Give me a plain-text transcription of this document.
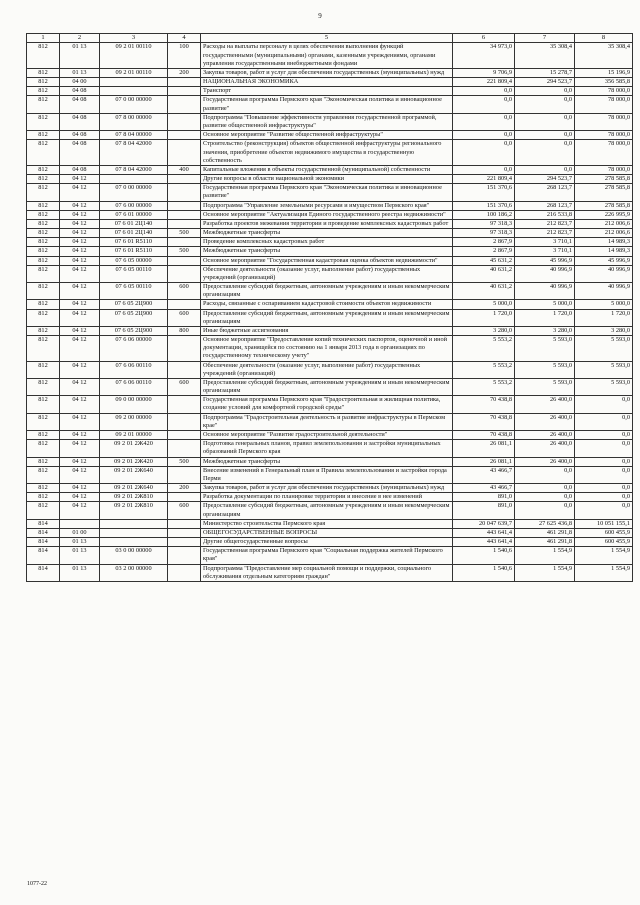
9
1	2	3	4	5	6	7	8
812	01 13	09 2 01 00110	100	Расходы на выплаты персоналу в целях обеспечения выполнения функций государственными (муниципальными) органами, казенными учреждениями, органами управления государственными внебюджетными фондами	34 973,0	35 308,4	35 308,4
812	01 13	09 2 01 00110	200	Закупка товаров, работ и услуг для обеспечения государственных (муниципальных) нужд	9 706,9	15 278,7	15 196,9
812	04 00			НАЦИОНАЛЬНАЯ ЭКОНОМИКА	221 809,4	294 523,7	356 585,8
812	04 08			Транспорт	0,0	0,0	78 000,0
812	04 08	07 0 00 00000		Государственная программа Пермского края "Экономическая политика и инновационное развитие"	0,0	0,0	78 000,0
812	04 08	07 8 00 00000		Подпрограмма "Повышение эффективности управления государственной программой, развитие общественной инфраструктуры"	0,0	0,0	78 000,0
812	04 08	07 8 04 00000		Основное мероприятие "Развитие общественной инфраструктуры"	0,0	0,0	78 000,0
812	04 08	07 8 04 42000		Строительство (реконструкция) объектов общественной инфраструктуры регионального значения, приобретение объектов недвижимого имущества в государственную собственность	0,0	0,0	78 000,0
812	04 08	07 8 04 42000	400	Капитальные вложения в объекты государственной (муниципальной) собственности	0,0	0,0	78 000,0
812	04 12			Другие вопросы в области национальной экономики	221 809,4	294 523,7	278 585,8
812	04 12	07 0 00 00000		Государственная программа Пермского края "Экономическая политика и инновационное развитие"	151 370,6	268 123,7	278 585,8
812	04 12	07 6 00 00000		Подпрограмма "Управление земельными ресурсами и имуществом Пермского края"	151 370,6	268 123,7	278 585,8
812	04 12	07 6 01 00000		Основное мероприятие "Актуализация Единого государственного реестра недвижимости"	100 186,2	216 533,8	226 995,9
812	04 12	07 6 01 2Ц140		Разработка проектов межевания территории и проведение комплексных кадастровых работ	97 318,3	212 823,7	212 006,6
812	04 12	07 6 01 2Ц140	500	Межбюджетные трансферты	97 318,3	212 823,7	212 006,6
812	04 12	07 6 01 R5110		Проведение комплексных кадастровых работ	2 867,9	3 710,1	14 989,3
812	04 12	07 6 01 R5110	500	Межбюджетные трансферты	2 867,9	3 710,1	14 989,3
812	04 12	07 6 05 00000		Основное мероприятие "Государственная кадастровая оценка объектов недвижимости"	45 631,2	45 996,9	45 996,9
812	04 12	07 6 05 00110		Обеспечение деятельности (оказание услуг, выполнение работ) государственных учреждений (организаций)	40 631,2	40 996,9	40 996,9
812	04 12	07 6 05 00110	600	Предоставление субсидий бюджетным, автономным учреждениям и иным некоммерческим организациям	40 631,2	40 996,9	40 996,9
812	04 12	07 6 05 2Ц900		Расходы, связанные с оспариванием кадастровой стоимости объектов недвижимости	5 000,0	5 000,0	5 000,0
812	04 12	07 6 05 2Ц900	600	Предоставление субсидий бюджетным, автономным учреждениям и иным некоммерческим организациям	1 720,0	1 720,0	1 720,0
812	04 12	07 6 05 2Ц900	800	Иные бюджетные ассигнования	3 280,0	3 280,0	3 280,0
812	04 12	07 6 06 00000		Основное мероприятие "Предоставление копий технических паспортов, оценочной и иной документации, хранящейся по состоянию на 1 января 2013 года в организациях по государственному техническому учету"	5 553,2	5 593,0	5 593,0
812	04 12	07 6 06 00110		Обеспечение деятельности (оказание услуг, выполнение работ) государственных учреждений (организаций)	5 553,2	5 593,0	5 593,0
812	04 12	07 6 06 00110	600	Предоставление субсидий бюджетным, автономным учреждениям и иным некоммерческим организациям	5 553,2	5 593,0	5 593,0
812	04 12	09 0 00 00000		Государственная программа Пермского края "Градостроительная и жилищная политика, создание условий для комфортной городской среды"	70 438,8	26 400,0	0,0
812	04 12	09 2 00 00000		Подпрограмма "Градостроительная деятельность и развитие инфраструктуры в Пермском крае"	70 438,8	26 400,0	0,0
812	04 12	09 2 01 00000		Основное мероприятие "Развитие градостроительной деятельности"	70 438,8	26 400,0	0,0
812	04 12	09 2 01 2Ж420		Подготовка генеральных планов, правил землепользования и застройки муниципальных образований Пермского края	26 081,1	26 400,0	0,0
812	04 12	09 2 01 2Ж420	500	Межбюджетные трансферты	26 081,1	26 400,0	0,0
812	04 12	09 2 01 2Ж640		Внесение изменений в Генеральный план и Правила землепользования и застройки города Перми	43 466,7	0,0	0,0
812	04 12	09 2 01 2Ж640	200	Закупка товаров, работ и услуг для обеспечения государственных (муниципальных) нужд	43 466,7	0,0	0,0
812	04 12	09 2 01 2Ж810		Разработка документации по планировке территории и внесение в нее изменений	891,0	0,0	0,0
812	04 12	09 2 01 2Ж810	600	Предоставление субсидий бюджетным, автономным учреждениям и иным некоммерческим организациям	891,0	0,0	0,0
814				Министерство строительства Пермского края	20 047 639,7	27 625 436,8	10 051 155,1
814	01 00			ОБЩЕГОСУДАРСТВЕННЫЕ ВОПРОСЫ	443 641,4	461 291,8	600 455,9
814	01 13			Другие общегосударственные вопросы	443 641,4	461 291,8	600 455,9
814	01 13	03 0 00 00000		Государственная программа Пермского края "Социальная поддержка жителей Пермского края"	1 540,6	1 554,9	1 554,9
814	01 13	03 2 00 00000		Подпрограмма "Предоставление мер социальной помощи и поддержки, социального обслуживания отдельным категориям граждан"	1 540,6	1 554,9	1 554,9
1077-22
